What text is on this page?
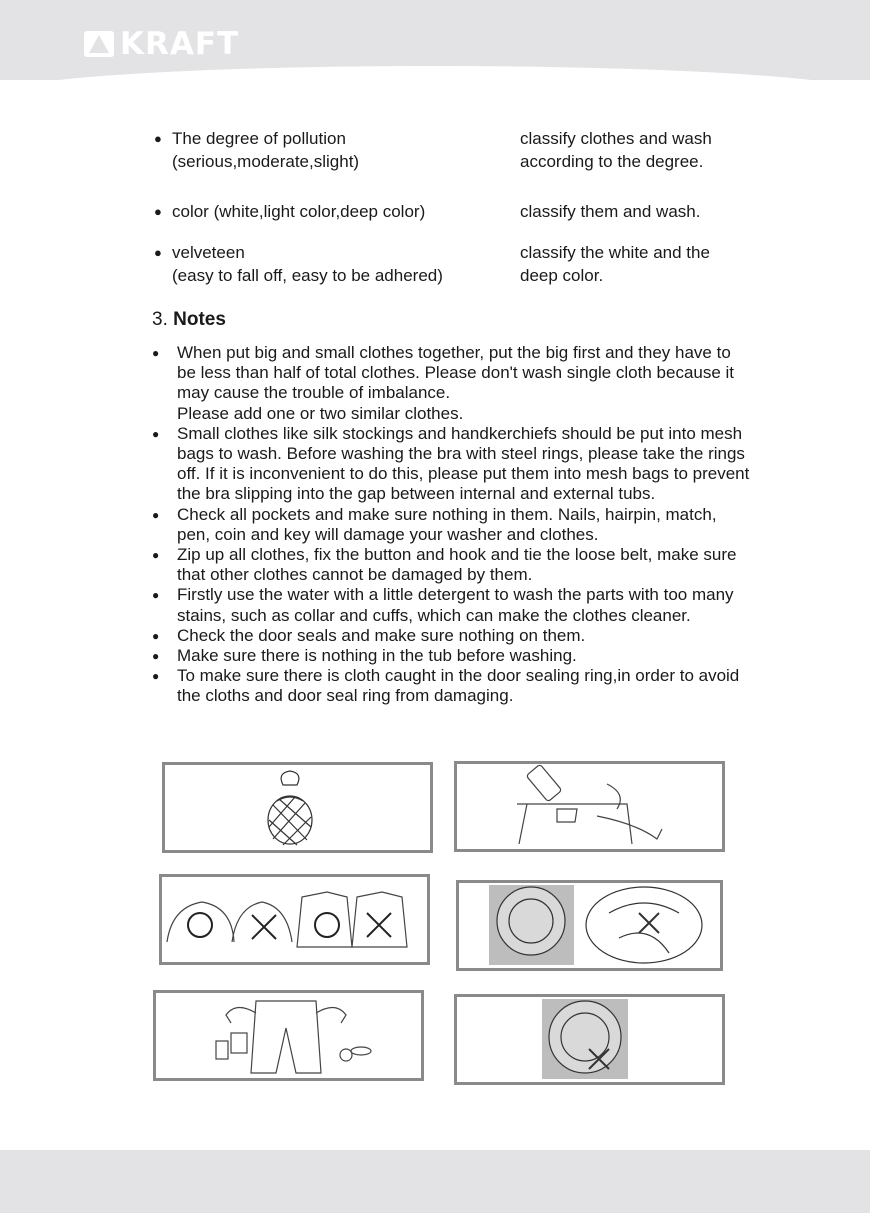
KRAFT
● The degree of pollution
(serious,moderate,slight)
classify clothes and wash
according to the degree.
● color (white,light color,deep color)	classify them and wash.
● velveteen
(easy to fall off, easy to be adhered)
classify the white and the
deep color.
3. Notes
● When put big and small clothes together, put the big first and they have to be less than half of total clothes. Please don't wash single cloth because it may cause the trouble of imbalance.
Please add one or two similar clothes.
● Small clothes like silk stockings and handkerchiefs should be put into mesh bags to wash. Before washing the bra with steel rings, please take the rings off. If it is inconvenient to do this, please put them into mesh bags to prevent the bra slipping into the gap between internal and external tubs.
● Check all pockets and make sure nothing in them. Nails, hairpin, match, pen, coin and key will damage your washer and clothes.
● Zip up all clothes, fix the button and hook and tie the loose belt, make sure that other clothes cannot be damaged by them.
● Firstly use the water with a little detergent to wash the parts with too many stains, such as collar and cuffs, which can make the clothes cleaner.
● Check the door seals and make sure nothing on them.
● Make sure there is nothing in the tub before washing.
● To make sure there is cloth caught in the door sealing ring,in order to avoid the cloths and door seal ring from damaging.
